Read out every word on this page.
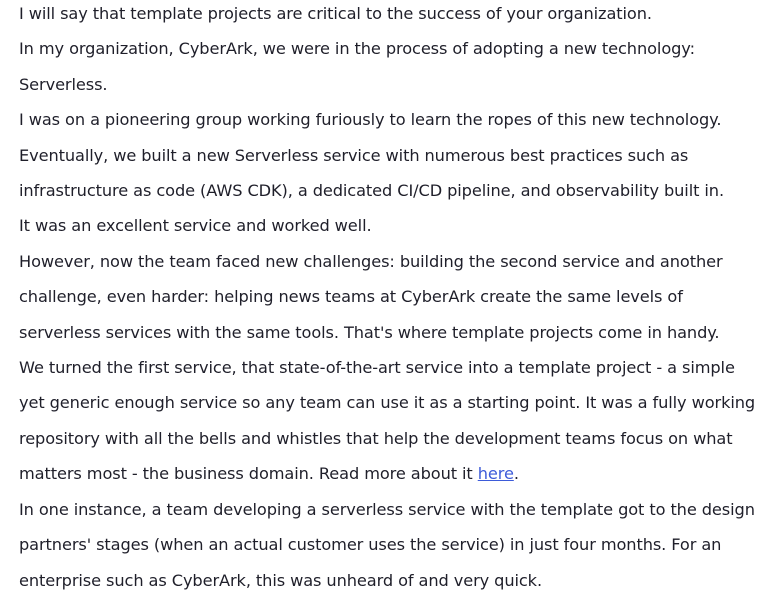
I will say that template projects are critical to the success of your organization.

In my organization, CyberArk, we were in the process of adopting a new technology: Serverless.

I was on a pioneering group working furiously to learn the ropes of this new technology.

Eventually, we built a new Serverless service with numerous best practices such as infrastructure as code (AWS CDK), a dedicated CI/CD pipeline, and observability built in.

It was an excellent service and worked well.

However, now the team faced new challenges: building the second service and another challenge, even harder: helping news teams at CyberArk create the same levels of serverless services with the same tools. That's where template projects come in handy.

We turned the first service, that state-of-the-art service into a template project - a simple yet generic enough service so any team can use it as a starting point. It was a fully working repository with all the bells and whistles that help the development teams focus on what matters most - the business domain. Read more about it here.

In one instance, a team developing a serverless service with the template got to the design partners' stages (when an actual customer uses the service) in just four months. For an enterprise such as CyberArk, this was unheard of and very quick.
